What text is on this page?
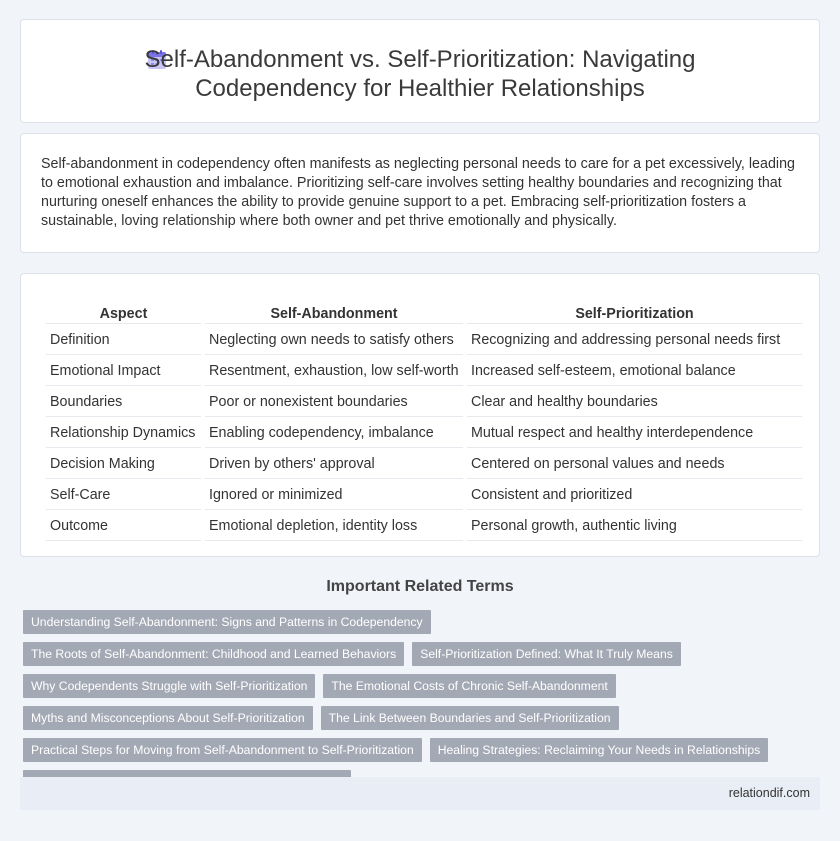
Self-Abandonment vs. Self-Prioritization: Navigating Codependency for Healthier Relationships

Self-abandonment in codependency often manifests as neglecting personal needs to care for a pet excessively, leading to emotional exhaustion and imbalance. Prioritizing self-care involves setting healthy boundaries and recognizing that nurturing oneself enhances the ability to provide genuine support to a pet. Embracing self-prioritization fosters a sustainable, loving relationship where both owner and pet thrive emotionally and physically.

Aspect	Self-Abandonment	Self-Prioritization
Definition	Neglecting own needs to satisfy others	Recognizing and addressing personal needs first
Emotional Impact	Resentment, exhaustion, low self-worth	Increased self-esteem, emotional balance
Boundaries	Poor or nonexistent boundaries	Clear and healthy boundaries
Relationship Dynamics	Enabling codependency, imbalance	Mutual respect and healthy interdependence
Decision Making	Driven by others' approval	Centered on personal values and needs
Self-Care	Ignored or minimized	Consistent and prioritized
Outcome	Emotional depletion, identity loss	Personal growth, authentic living
Important Related Terms
Understanding Self-Abandonment: Signs and Patterns in Codependency
The Roots of Self-Abandonment: Childhood and Learned Behaviors	Self-Prioritization Defined: What It Truly Means
Why Codependents Struggle with Self-Prioritization	The Emotional Costs of Chronic Self-Abandonment
Myths and Misconceptions About Self-Prioritization	The Link Between Boundaries and Self-Prioritization
Practical Steps for Moving from Self-Abandonment to Self-Prioritization	Healing Strategies: Reclaiming Your Needs in Relationships
relationdif.com
